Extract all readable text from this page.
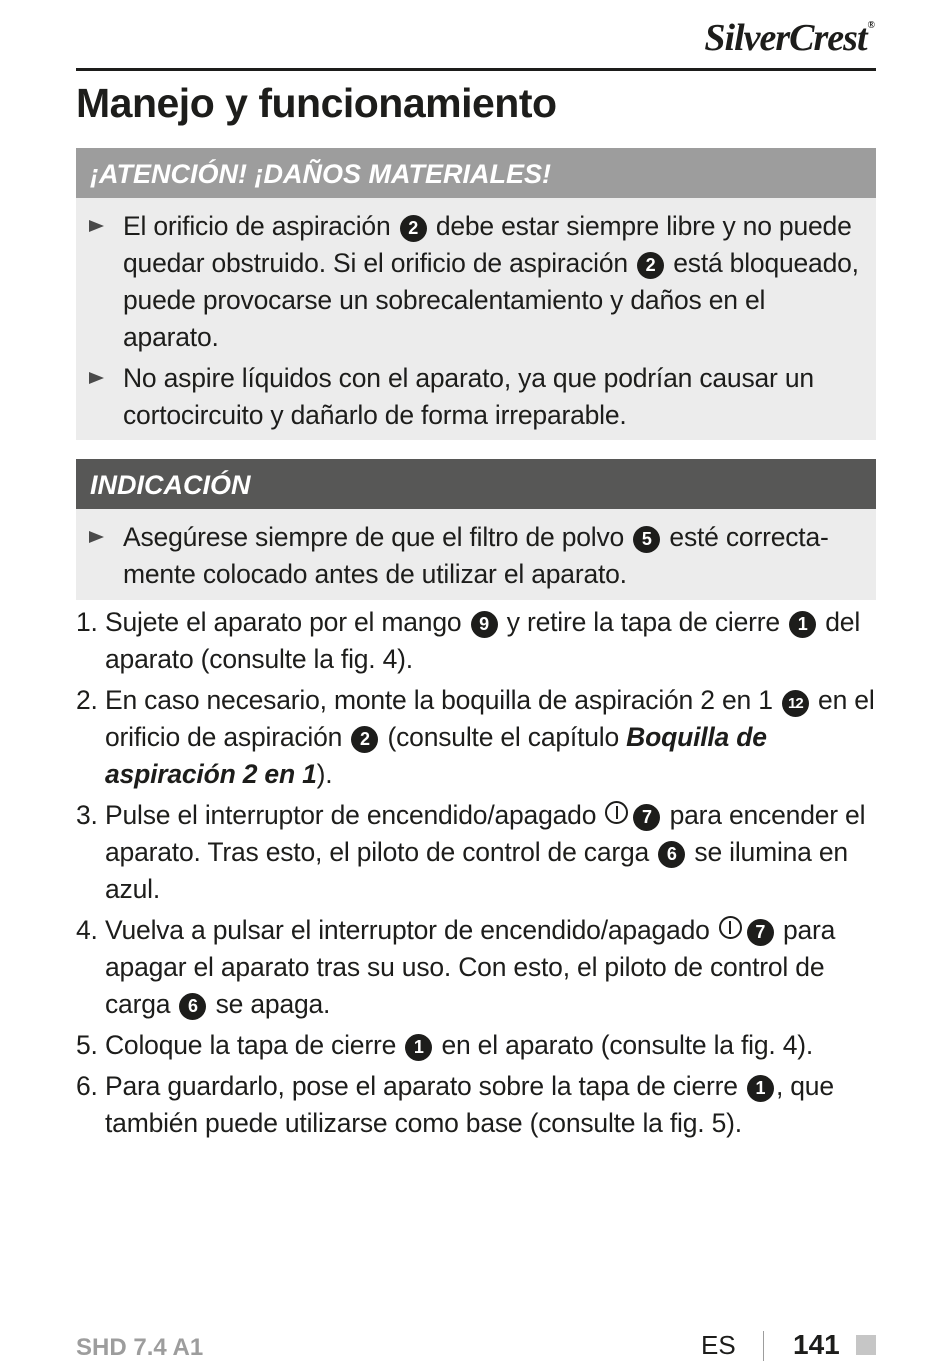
SilverCrest®
Manejo y funcionamiento
¡ATENCIÓN! ¡DAÑOS MATERIALES!
El orificio de aspiración 2 debe estar siempre libre y no puede quedar obstruido. Si el orificio de aspiración 2 está bloqueado, puede provocarse un sobrecalentamiento y daños en el aparato.
No aspire líquidos con el aparato, ya que podrían causar un cortocircuito y dañarlo de forma irreparable.
INDICACIÓN
Asegúrese siempre de que el filtro de polvo 5 esté correcta-mente colocado antes de utilizar el aparato.
1. Sujete el aparato por el mango 9 y retire la tapa de cierre 1 del aparato (consulte la fig. 4).
2. En caso necesario, monte la boquilla de aspiración 2 en 1 12 en el orificio de aspiración 2 (consulte el capítulo Boquilla de aspiración 2 en 1).
3. Pulse el interruptor de encendido/apagado 7 para encender el aparato. Tras esto, el piloto de control de carga 6 se ilumina en azul.
4. Vuelva a pulsar el interruptor de encendido/apagado 7 para apagar el aparato tras su uso. Con esto, el piloto de control de carga 6 se apaga.
5. Coloque la tapa de cierre 1 en el aparato (consulte la fig. 4).
6. Para guardarlo, pose el aparato sobre la tapa de cierre 1 , que también puede utilizarse como base (consulte la fig. 5).
SHD 7.4 A1	ES 141
